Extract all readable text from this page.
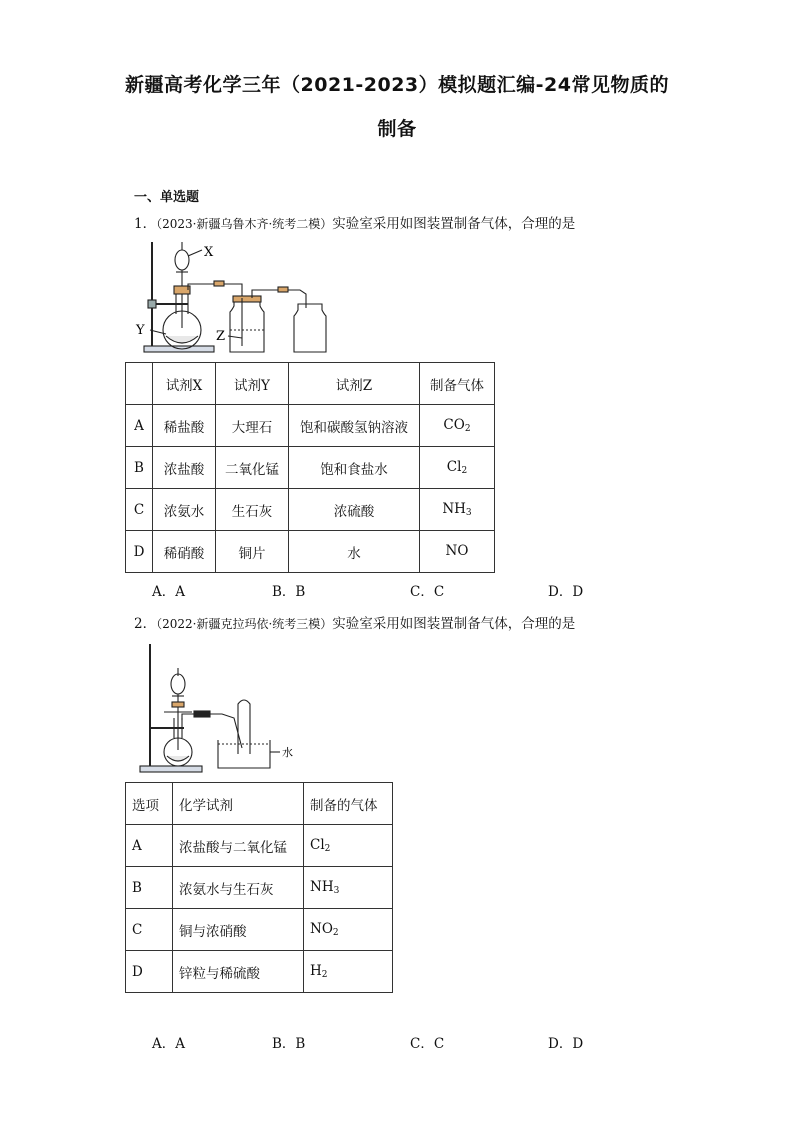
新疆高考化学三年（2021-2023）模拟题汇编-24常见物质的
制备
一、单选题
1．（2023·新疆乌鲁木齐·统考二模）实验室采用如图装置制备气体，合理的是
X
Y	Z
	试剂X	试剂Y	试剂Z	制备气体
A	稀盐酸	大理石	饱和碳酸氢钠溶液	$CO_2$
B	浓盐酸	二氧化锰	饱和食盐水	$Cl_2$
C	浓氨水	生石灰	浓硫酸	$NH_3$
D	稀硝酸	铜片	水	NO
A．A	B．B	C．C	D．D
2．（2022·新疆克拉玛依·统考三模）实验室采用如图装置制备气体，合理的是
水
选项	化学试剂	制备的气体
A	浓盐酸与二氧化锰	$Cl_2$
B	浓氨水与生石灰	$NH_3$
C	铜与浓硝酸	$NO_2$
D	锌粒与稀硫酸	$H_2$
A．A	B．B	C．C	D．D
